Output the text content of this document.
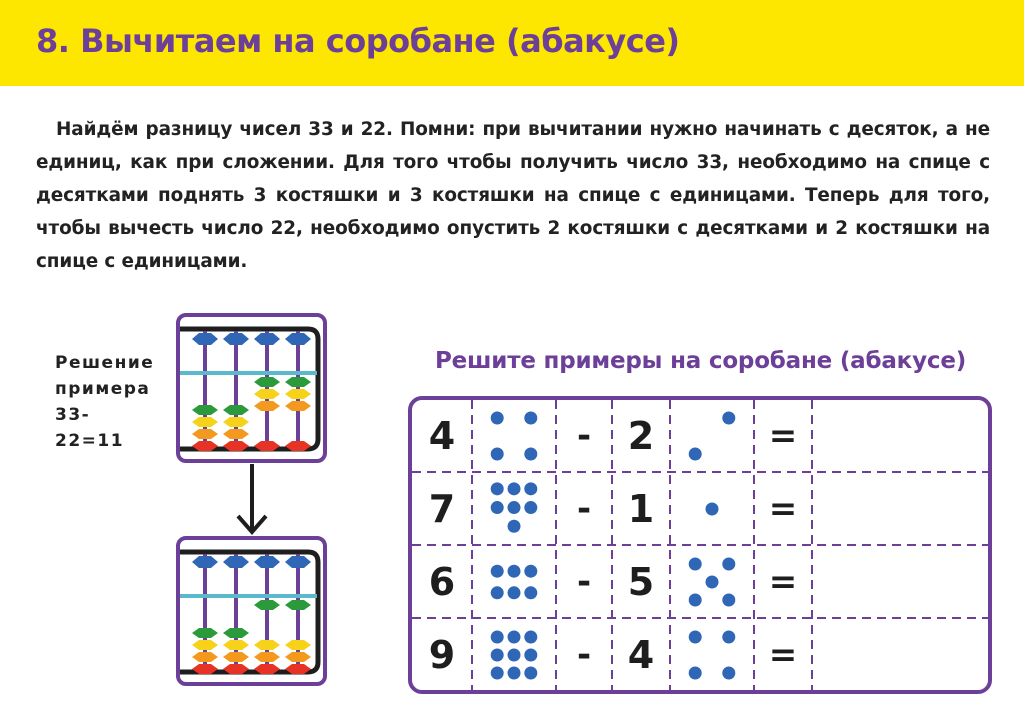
8. Вычитаем на соробане (абакусе)

Найдём разницу чисел 33 и 22. Помни: при вычитании нужно начинать с десяток, а не единиц, как при сложении. Для того чтобы получить число 33, необходимо на спице с десятками поднять 3 костяшки и 3 костяшки на спице с единицами. Теперь для того, чтобы вычесть число 22, необходимо опустить 2 костяшки с десятками и 2 костяшки на спице с единицами.

Решение
примера
33-22=11
Решите примеры на соробане (абакусе)
4	- 2	=
7	- 1	=
6	- 5	=
9	- 4	=
